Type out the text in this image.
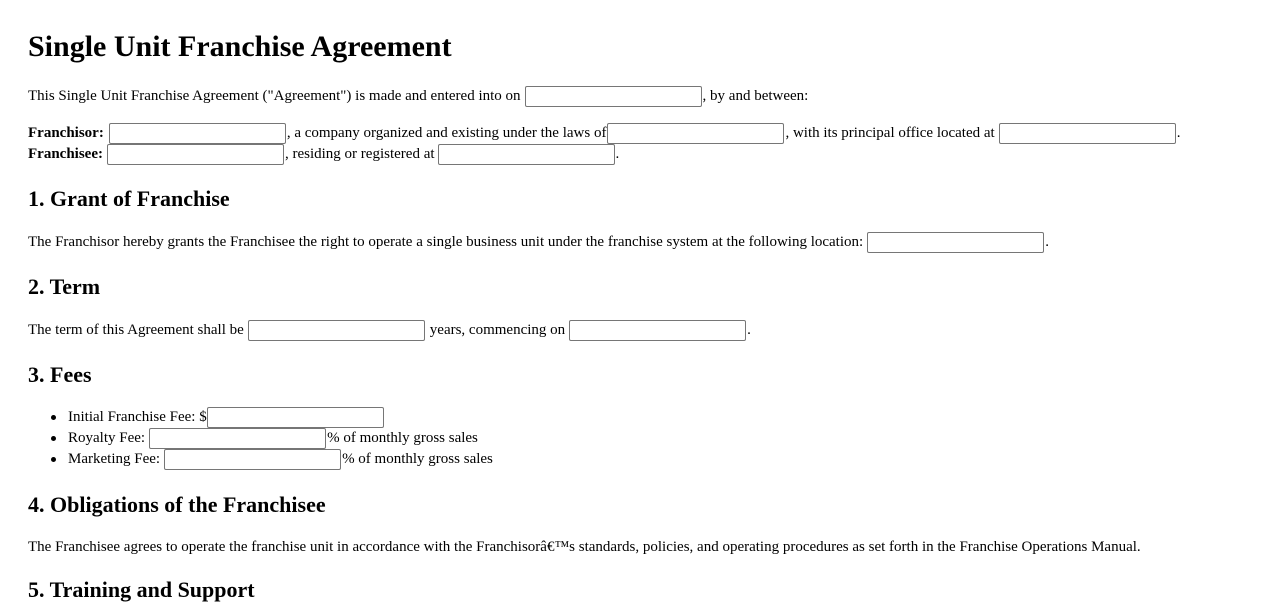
Single Unit Franchise Agreement
This Single Unit Franchise Agreement ("Agreement") is made and entered into on	, by and between:
Franchisor:	, a company organized and existing under the laws of	, with its principal office located at	.
Franchisee:	, residing or registered at	.
1. Grant of Franchise
The Franchisor hereby grants the Franchisee the right to operate a single business unit under the franchise system at the following location:	.
2. Term
The term of this Agreement shall be	years, commencing on	.
3. Fees
Initial Franchise Fee: $
Royalty Fee:	% of monthly gross sales
Marketing Fee:	% of monthly gross sales
4. Obligations of the Franchisee
The Franchisee agrees to operate the franchise unit in accordance with the Franchisorâ€™s standards, policies, and operating procedures as set forth in the Franchise Operations Manual.
5. Training and Support
